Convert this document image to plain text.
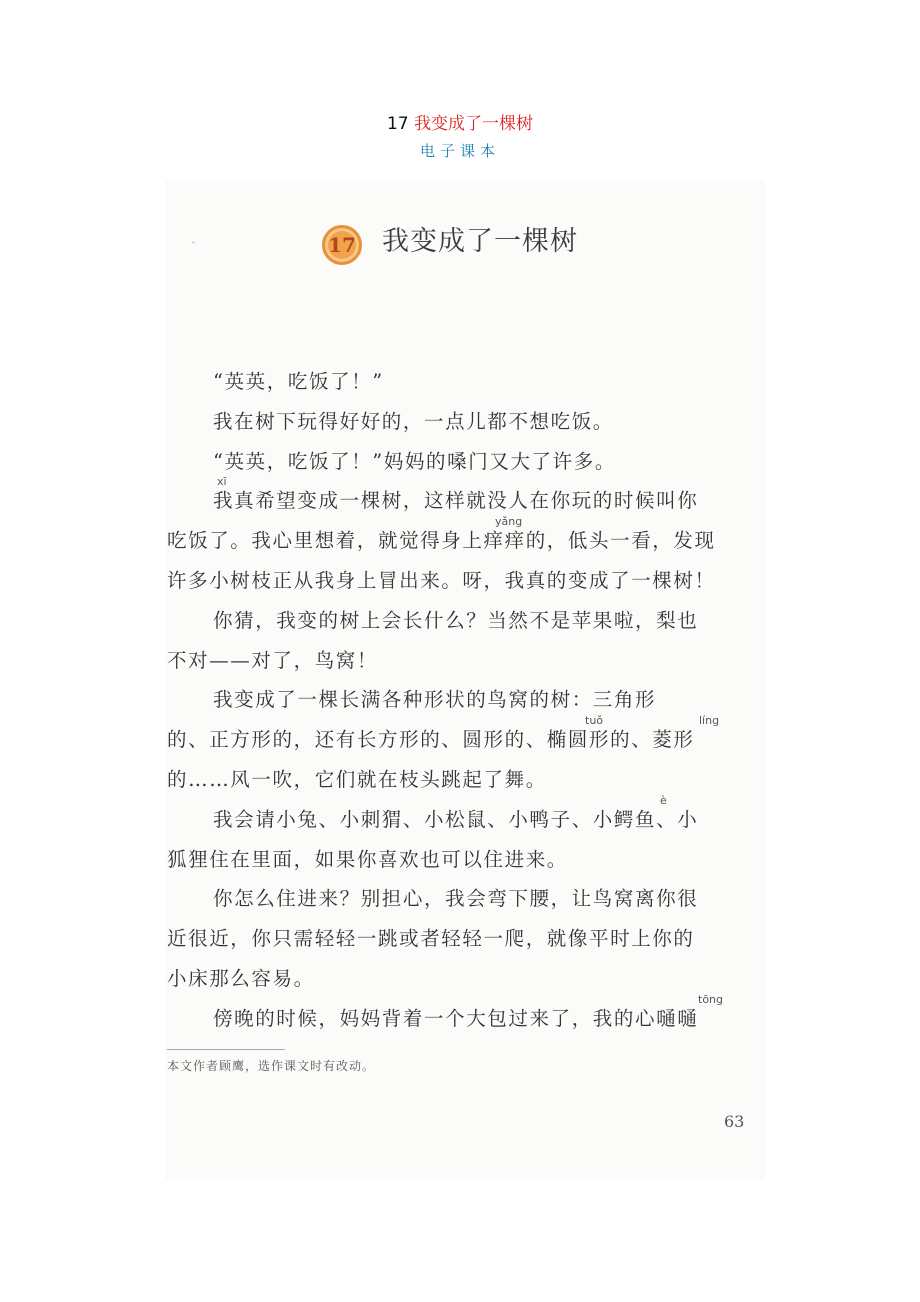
17 我变成了一棵树
电子课本
17 我变成了一棵树
“英英，吃饭了！”
我在树下玩得好好的，一点儿都不想吃饭。
“英英，吃饭了！”妈妈的嗓门又大了许多。
我真希望变成一棵树，这样就没人在你玩的时候叫你
xī
吃饭了。我心里想着，就觉得身上痒痒的，低头一看，发现
yǎng
许多小树枝正从我身上冒出来。呀，我真的变成了一棵树！
你猜，我变的树上会长什么？当然不是苹果啦，梨也
不对——对了，鸟窝！
我变成了一棵长满各种形状的鸟窝的树：三角形
的、正方形的，还有长方形的、圆形的、椭圆形的、菱形
tuǒ	líng
的……风一吹，它们就在枝头跳起了舞。
我会请小兔、小刺猬、小松鼠、小鸭子、小鳄鱼、小
è
狐狸住在里面，如果你喜欢也可以住进来。
你怎么住进来？别担心，我会弯下腰，让鸟窝离你很
近很近，你只需轻轻一跳或者轻轻一爬，就像平时上你的
小床那么容易。
傍晚的时候，妈妈背着一个大包过来了，我的心嗵嗵
tōng
本文作者顾鹰，选作课文时有改动。
63
